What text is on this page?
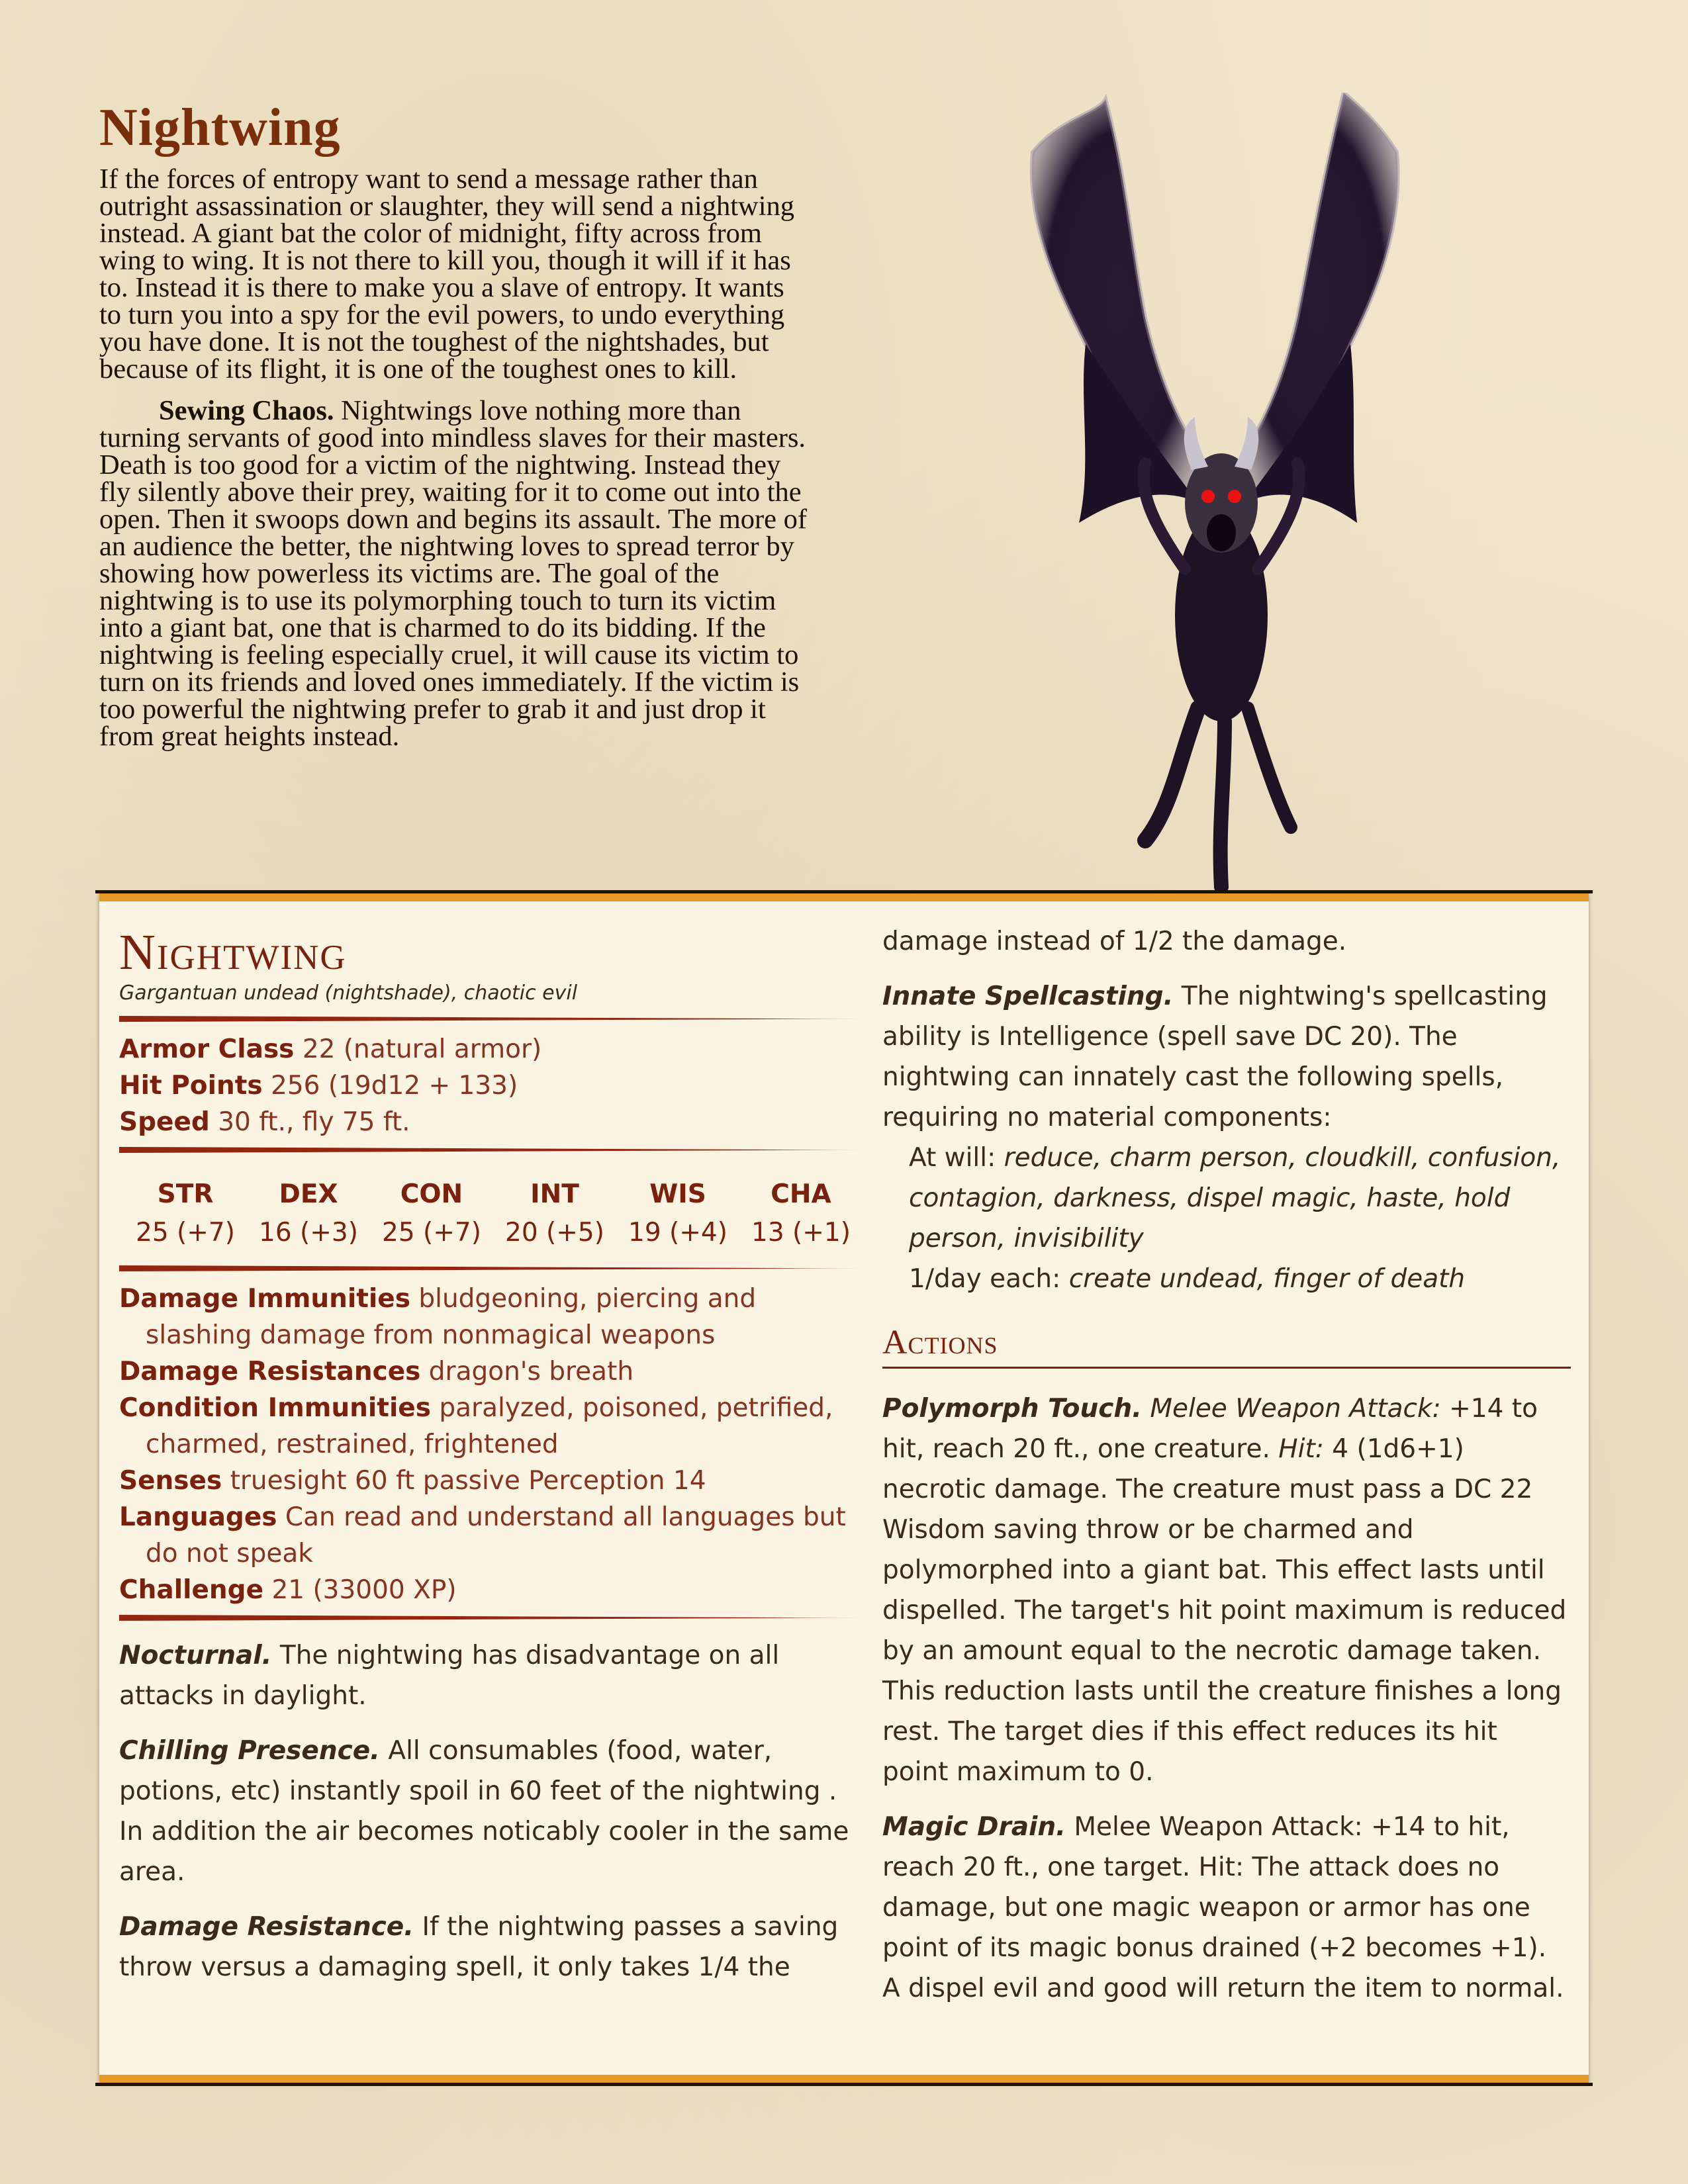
Nightwing

If the forces of entropy want to send a message rather than outright assassination or slaughter, they will send a nightwing instead. A giant bat the color of midnight, fifty across from wing to wing. It is not there to kill you, though it will if it has to. Instead it is there to make you a slave of entropy. It wants to turn you into a spy for the evil powers, to undo everything you have done. It is not the toughest of the nightshades, but because of its flight, it is one of the toughest ones to kill.

Sewing Chaos. Nightwings love nothing more than turning servants of good into mindless slaves for their masters. Death is too good for a victim of the nightwing. Instead they fly silently above their prey, waiting for it to come out into the open. Then it swoops down and begins its assault. The more of an audience the better, the nightwing loves to spread terror by showing how powerless its victims are. The goal of the nightwing is to use its polymorphing touch to turn its victim into a giant bat, one that is charmed to do its bidding. If the nightwing is feeling especially cruel, it will cause its victim to turn on its friends and loved ones immediately. If the victim is too powerful the nightwing prefer to grab it and just drop it from great heights instead.

Nightwing
Gargantuan undead (nightshade), chaotic evil
Armor Class 22 (natural armor)
Hit Points 256 (19d12 + 133)
Speed 30 ft., fly 75 ft.
STR
25 (+7)
DEX
16 (+3)
CON
25 (+7)
INT
20 (+5)
WIS
19 (+4)
CHA
13 (+1)
Damage Immunities bludgeoning, piercing and slashing damage from nonmagical weapons
Damage Resistances dragon's breath
Condition Immunities paralyzed, poisoned, petrified, charmed, restrained, frightened
Senses truesight 60 ft passive Perception 14
Languages Can read and understand all languages but do not speak
Challenge 21 (33000 XP)

Nocturnal. The nightwing has disadvantage on all attacks in daylight.

Chilling Presence. All consumables (food, water, potions, etc) instantly spoil in 60 feet of the nightwing . In addition the air becomes noticably cooler in the same area.

Damage Resistance. If the nightwing passes a saving throw versus a damaging spell, it only takes 1/4 the

damage instead of 1/2 the damage.

Innate Spellcasting. The nightwing's spellcasting ability is Intelligence (spell save DC 20). The nightwing can innately cast the following spells, requiring no material components:

At will: reduce, charm person, cloudkill, confusion, contagion, darkness, dispel magic, haste, hold person, invisibility

1/day each: create undead, finger of death

Actions

Polymorph Touch. Melee Weapon Attack: +14 to hit, reach 20 ft., one creature. Hit: 4 (1d6+1) necrotic damage. The creature must pass a DC 22 Wisdom saving throw or be charmed and polymorphed into a giant bat. This effect lasts until dispelled. The target's hit point maximum is reduced by an amount equal to the necrotic damage taken. This reduction lasts until the creature finishes a long rest. The target dies if this effect reduces its hit point maximum to 0.

Magic Drain. Melee Weapon Attack: +14 to hit, reach 20 ft., one target. Hit: The attack does no damage, but one magic weapon or armor has one point of its magic bonus drained (+2 becomes +1). A dispel evil and good will return the item to normal.
